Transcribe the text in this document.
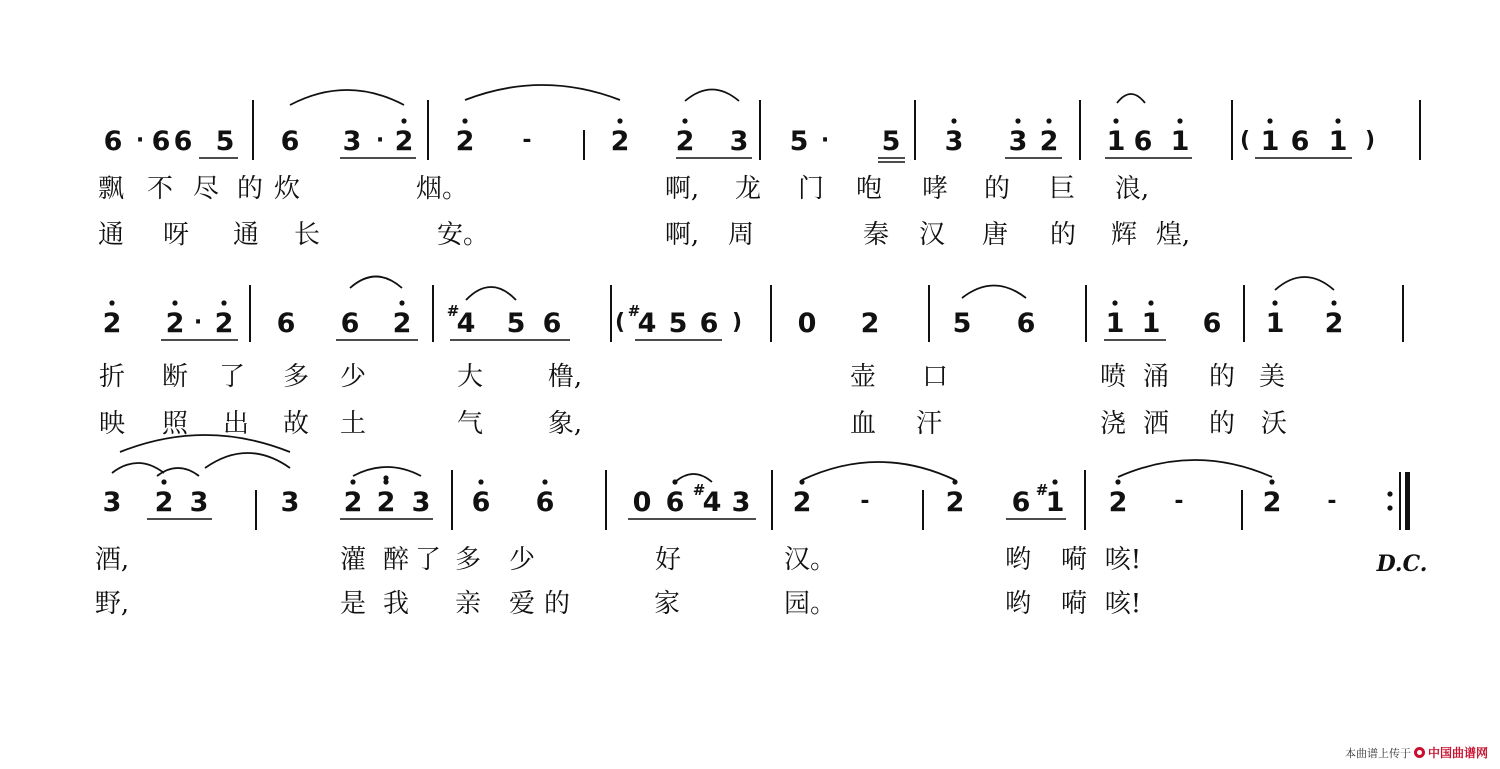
6 · 6 6 5 6 3 · 2 2 -	2 2 3 5 · 5 3 3 2 1 6 1 ( 1 6 1 )
飘 不 尽 的 炊	烟。	啊, 龙 门 咆 哮 的 巨 浪,
通 呀 通 长	安。	啊, 周	秦 汉 唐 的 辉 煌,
2 2 · 2 6 6 2 4
# 5 6 ( 4
# 5 6 ) 0 2	5 6	1 1 6 1 2
折 断 了 多 少	大 橹,	壶 口	喷 涌 的 美
映 照 出 故 土	气 象,	血 汗	浇 洒 的 沃
3 2 3	3 2 2 3 6 6	0 6 4
# 3 2 -	2 6 1
# 2 -	2 -
酒,	灌 醉 了 多 少	好	汉。	哟 嗬 咳!
野,	是 我 亲 爱 的	家	园。	哟 嗬 咳!
D.C.
本曲谱上传于 中国曲谱网
